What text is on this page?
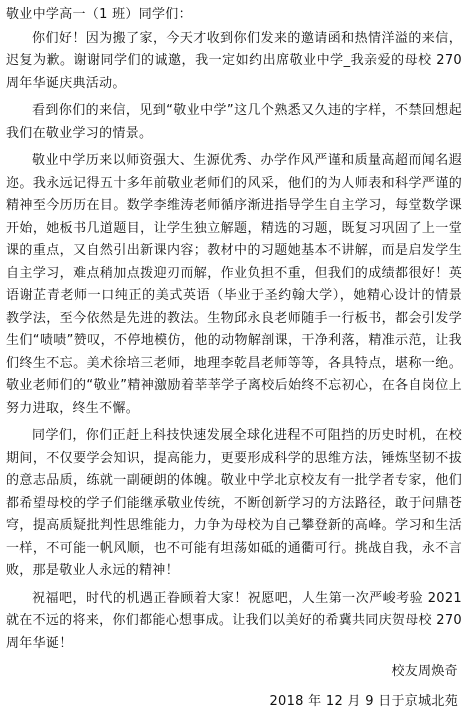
敬业中学高一（1 班）同学们：

你们好！因为搬了家，今天才收到你们发来的邀请函和热情洋溢的来信，迟复为歉。谢谢同学们的诚邀，我一定如约出席敬业中学_我亲爱的母校 270 周年华诞庆典活动。

看到你们的来信，见到“敬业中学”这几个熟悉又久违的字样，不禁回想起我们在敬业学习的情景。

敬业中学历来以师资强大、生源优秀、办学作风严谨和质量高超而闻名遐迩。我永远记得五十多年前敬业老师们的风采，他们的为人师表和科学严谨的精神至今历历在目。数学李维涛老师循序渐进指导学生自主学习，每堂数学课开始，她板书几道题目，让学生独立解题，精选的习题，既复习巩固了上一堂课的重点，又自然引出新课内容；教材中的习题她基本不讲解，而是启发学生自主学习，难点稍加点拨迎刃而解，作业负担不重，但我们的成绩都很好！英语谢芷青老师一口纯正的美式英语（毕业于圣约翰大学），她精心设计的情景教学法，至今依然是先进的教法。生物邱永良老师随手一行板书，都会引发学生们“啧啧”赞叹，不停地模仿，他的动物解剖课，干净利落，精准示范，让我们终生不忘。美术徐培三老师，地理李乾昌老师等等，各具特点，堪称一绝。敬业老师们的“敬业”精神激励着莘莘学子离校后始终不忘初心，在各自岗位上努力进取，终生不懈。

同学们，你们正赶上科技快速发展全球化进程不可阻挡的历史时机，在校期间，不仅要学会知识，提高能力，更要形成科学的思维方法，锤炼坚韧不拔的意志品质，练就一副硬朗的体魄。敬业中学北京校友有一批学者专家，他们都希望母校的学子们能继承敬业传统，不断创新学习的方法路径，敢于问鼎苍穹，提高质疑批判性思维能力，力争为母校为自己攀登新的高峰。学习和生活一样，不可能一帆风顺，也不可能有坦荡如砥的通衢可行。挑战自我，永不言败，那是敬业人永远的精神！

祝福吧，时代的机遇正眷顾着大家！祝愿吧，人生第一次严峻考验 2021 就在不远的将来，你们都能心想事成。让我们以美好的希冀共同庆贺母校 270 周年华诞！

校友周焕奇

2018 年 12 月 9 日于京城北苑
